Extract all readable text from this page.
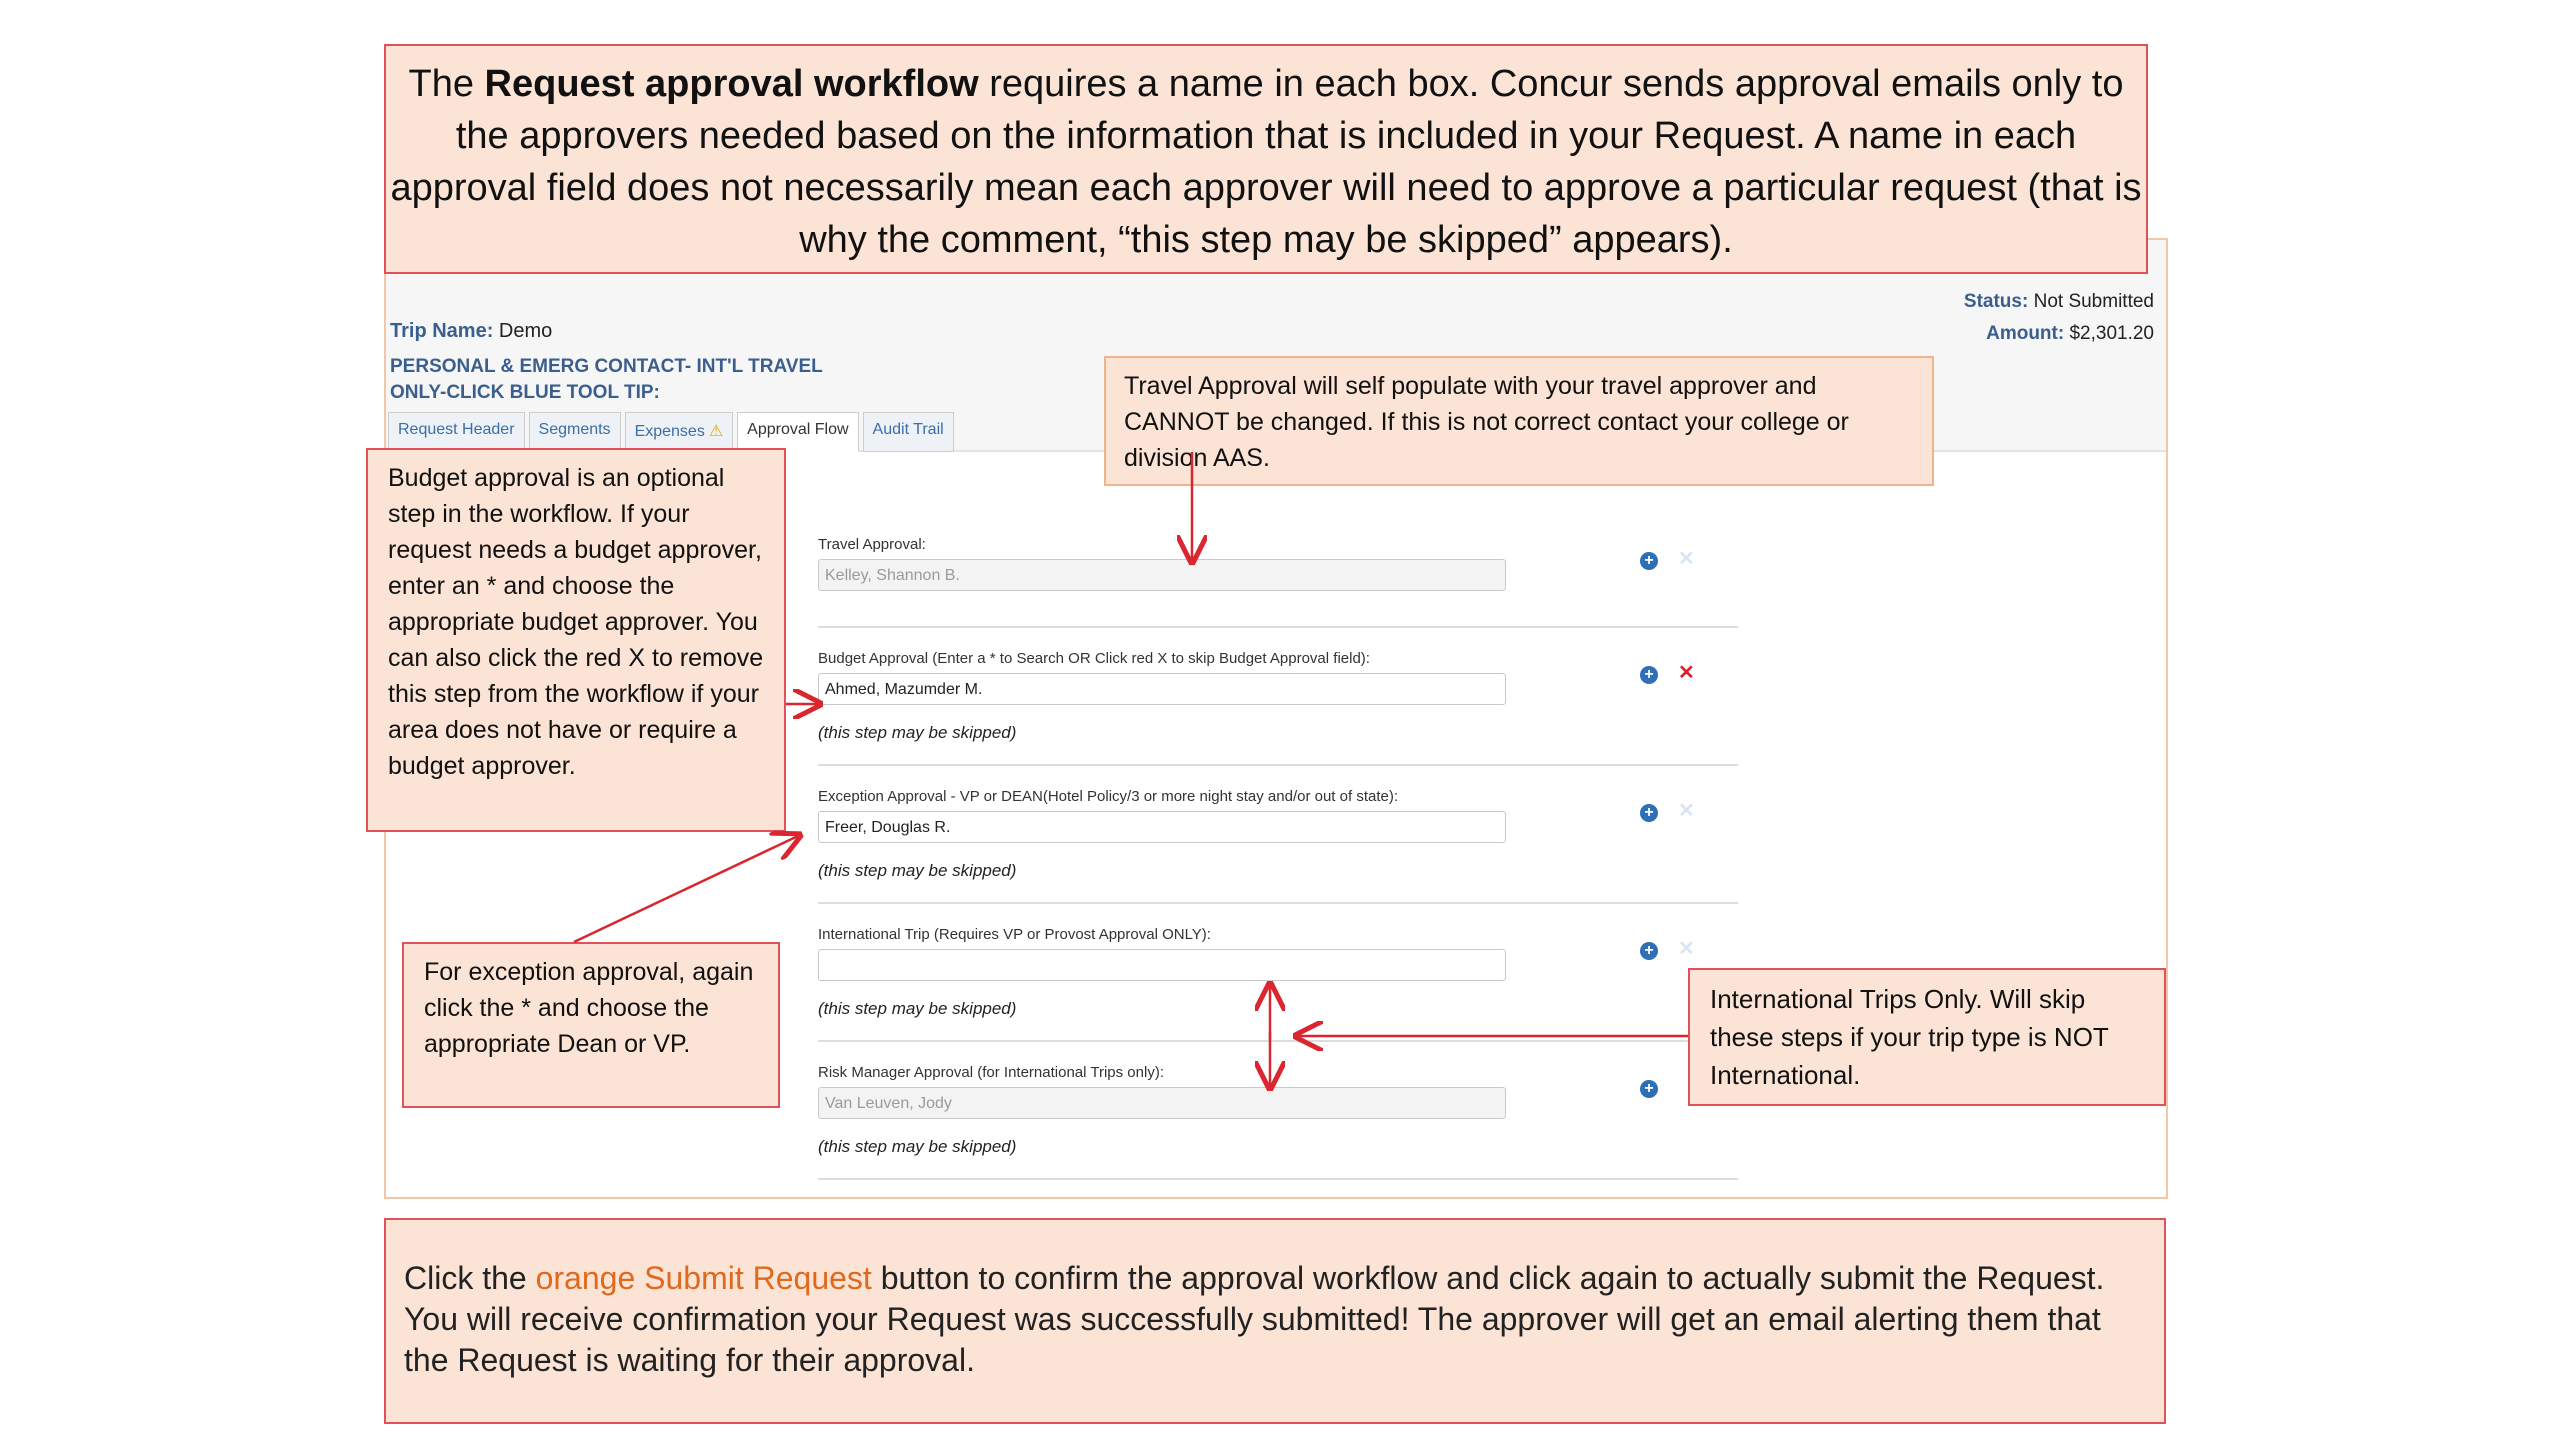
Trip Name: Demo
PERSONAL & EMERG CONTACT- INT'L TRAVEL ONLY-CLICK BLUE TOOL TIP:
Status: Not Submitted
Amount: $2,301.20
Request Header	Segments	Expenses ⚠	Approval Flow	Audit Trail
Travel Approval:
Kelley, Shannon B.
+ ✕
Budget Approval (Enter a * to Search OR Click red X to skip Budget Approval field):
Ahmed, Mazumder M.
(this step may be skipped)
+ ✕
Exception Approval - VP or DEAN(Hotel Policy/3 or more night stay and/or out of state):
Freer, Douglas R.
(this step may be skipped)
+ ✕
International Trip (Requires VP or Provost Approval ONLY):
(this step may be skipped)
+ ✕
Risk Manager Approval (for International Trips only):
Van Leuven, Jody
(this step may be skipped)
+
The Request approval workflow requires a name in each box. Concur sends approval emails only to the approvers needed based on the information that is included in your Request. A name in each approval field does not necessarily mean each approver will need to approve a particular request (that is why the comment, “this step may be skipped” appears).
Travel Approval will self populate with your travel approver and CANNOT be changed. If this is not correct contact your college or division AAS.
Budget approval is an optional step in the workflow. If your request needs a budget approver, enter an * and choose the appropriate budget approver. You can also click the red X to remove this step from the workflow if your area does not have or require a budget approver.
For exception approval, again click the * and choose the appropriate Dean or VP.
International Trips Only. Will skip these steps if your trip type is NOT International.
Click the orange Submit Request button to confirm the approval workflow and click again to actually submit the Request. You will receive confirmation your Request was successfully submitted! The approver will get an email alerting them that the Request is waiting for their approval.
